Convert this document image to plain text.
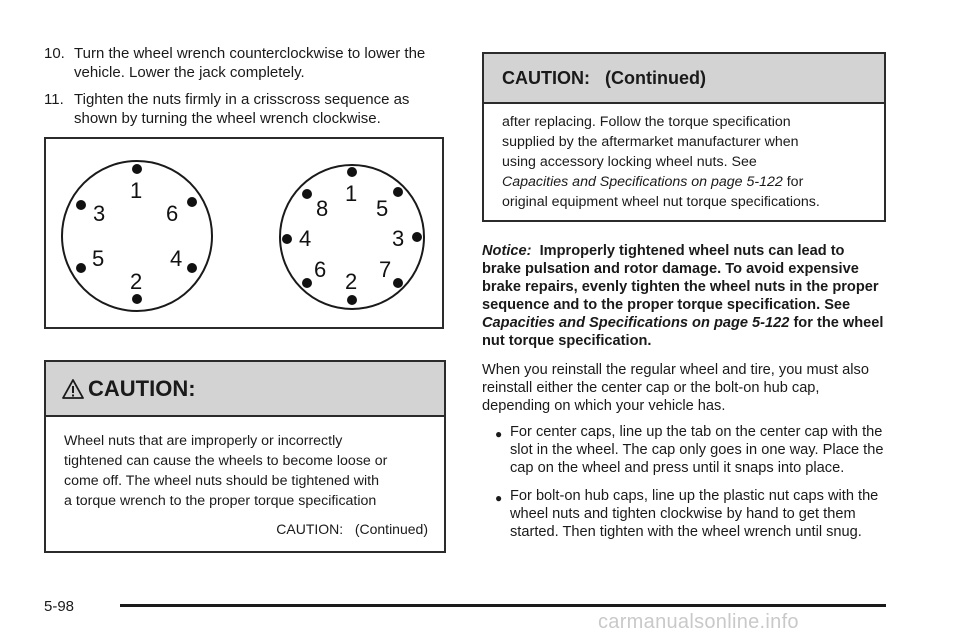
10. Turn the wheel wrench counterclockwise to lower the vehicle. Lower the jack completely.
11. Tighten the nuts firmly in a crisscross sequence as shown by turning the wheel wrench clockwise.
1
6
4
2
5
3
1
5
3
7
2
6
4
8
CAUTION:
Wheel nuts that are improperly or incorrectly
tightened can cause the wheels to become loose or
come off. The wheel nuts should be tightened with
a torque wrench to the proper torque specification
CAUTION:   (Continued)
CAUTION:   (Continued)
after replacing. Follow the torque specification
supplied by the aftermarket manufacturer when
using accessory locking wheel nuts. See
Capacities and Specifications on page 5-122 for
original equipment wheel nut torque specifications.
Notice:  Improperly tightened wheel nuts can lead to brake pulsation and rotor damage. To avoid expensive brake repairs, evenly tighten the wheel nuts in the proper sequence and to the proper torque specification. See Capacities and Specifications on page 5-122 for the wheel nut torque specification.
When you reinstall the regular wheel and tire, you must also reinstall either the center cap or the bolt-on hub cap, depending on which your vehicle has.
● For center caps, line up the tab on the center cap with the slot in the wheel. The cap only goes in one way. Place the cap on the wheel and press until it snaps into place.
● For bolt-on hub caps, line up the plastic nut caps with the wheel nuts and tighten clockwise by hand to get them started. Then tighten with the wheel wrench until snug.
5-98
carmanualsonline.info
